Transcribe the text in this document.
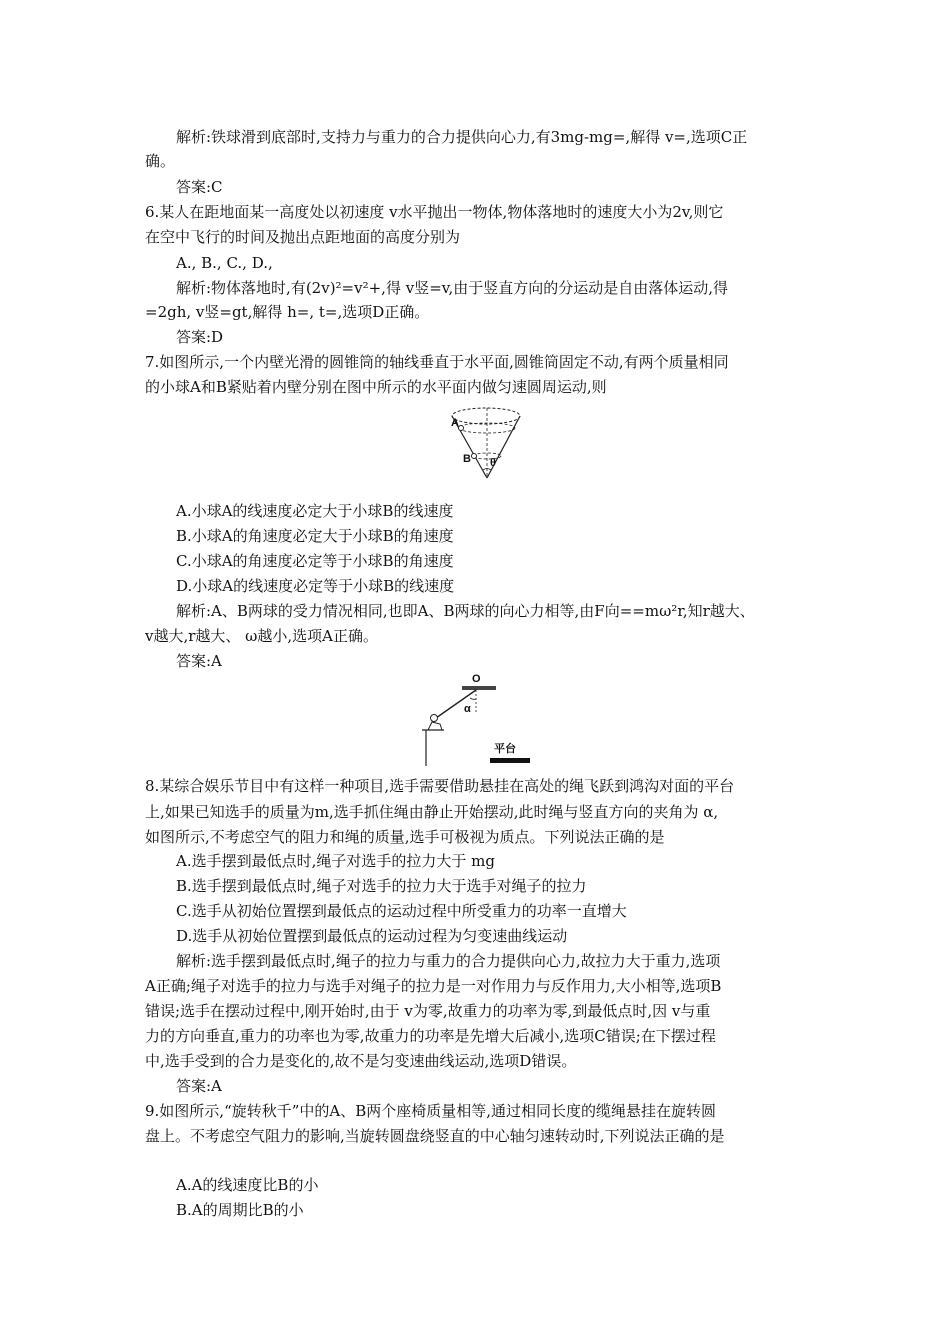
解析:铁球滑到底部时,支持力与重力的合力提供向心力,有3mg-mg=,解得 v=,选项C正
确。
答案:C
6.某人在距地面某一高度处以初速度 v水平抛出一物体,物体落地时的速度大小为2v,则它
在空中飞行的时间及抛出点距地面的高度分别为
A., B., C., D.,
解析:物体落地时,有(2v)²=v²+,得 v竖=v,由于竖直方向的分运动是自由落体运动,得
=2gh, v竖=gt,解得 h=, t=,选项D正确。
答案:D
7.如图所示,一个内壁光滑的圆锥筒的轴线垂直于水平面,圆锥筒固定不动,有两个质量相同
的小球A和B紧贴着内壁分别在图中所示的水平面内做匀速圆周运动,则
A
B θ
A.小球A的线速度必定大于小球B的线速度
B.小球A的角速度必定大于小球B的角速度
C.小球A的角速度必定等于小球B的角速度
D.小球A的线速度必定等于小球B的线速度
解析:A、B两球的受力情况相同,也即A、B两球的向心力相等,由F向==mω²r,知r越大、
v越大,r越大、 ω越小,选项A正确。
答案:A
O
α
平台
8.某综合娱乐节目中有这样一种项目,选手需要借助悬挂在高处的绳飞跃到鸿沟对面的平台
上,如果已知选手的质量为m,选手抓住绳由静止开始摆动,此时绳与竖直方向的夹角为 α,
如图所示,不考虑空气的阻力和绳的质量,选手可极视为质点。下列说法正确的是
A.选手摆到最低点时,绳子对选手的拉力大于 mg
B.选手摆到最低点时,绳子对选手的拉力大于选手对绳子的拉力
C.选手从初始位置摆到最低点的运动过程中所受重力的功率一直增大
D.选手从初始位置摆到最低点的运动过程为匀变速曲线运动
解析:选手摆到最低点时,绳子的拉力与重力的合力提供向心力,故拉力大于重力,选项
A正确;绳子对选手的拉力与选手对绳子的拉力是一对作用力与反作用力,大小相等,选项B
错误;选手在摆动过程中,刚开始时,由于 v为零,故重力的功率为零,到最低点时,因 v与重
力的方向垂直,重力的功率也为零,故重力的功率是先增大后减小,选项C错误;在下摆过程
中,选手受到的合力是变化的,故不是匀变速曲线运动,选项D错误。
答案:A
9.如图所示,“旋转秋千”中的A、B两个座椅质量相等,通过相同长度的缆绳悬挂在旋转圆
盘上。不考虑空气阻力的影响,当旋转圆盘绕竖直的中心轴匀速转动时,下列说法正确的是
A.A的线速度比B的小
B.A的周期比B的小
